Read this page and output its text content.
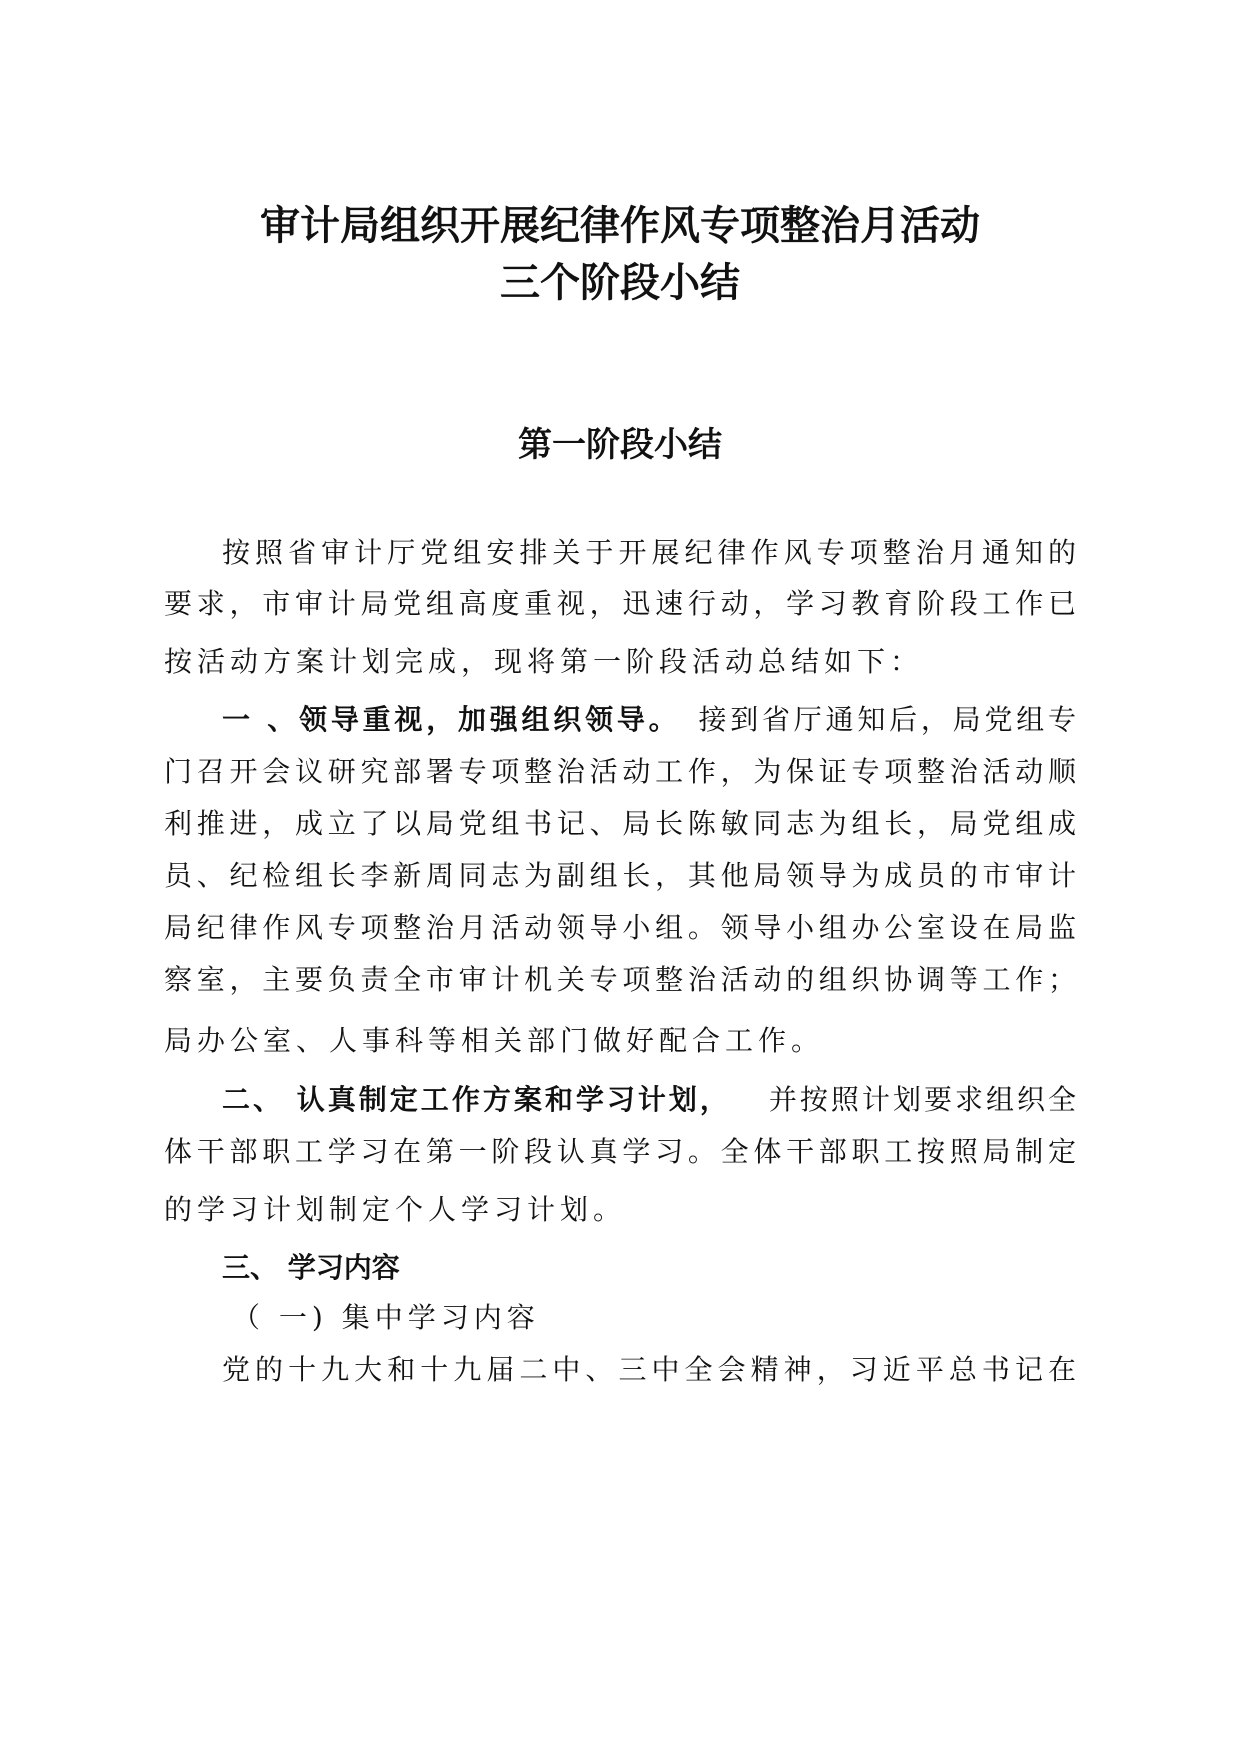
审计局组织开展纪律作风专项整治月活动
三个阶段小结
第一阶段小结
按照省审计厅党组安排关于开展纪律作风专项整治月通知的
要求，市审计局党组高度重视，迅速行动，学习教育阶段工作已
按活动方案计划完成，现将第一阶段活动总结如下：
一 、领导重视，加强组织领导。 接到省厅通知后，局党组专
门召开会议研究部署专项整治活动工作，为保证专项整治活动顺
利推进，成立了以局党组书记、局长陈敏同志为组长，局党组成
员、纪检组长李新周同志为副组长，其他局领导为成员的市审计
局纪律作风专项整治月活动领导小组。领导小组办公室设在局监
察室，主要负责全市审计机关专项整治活动的组织协调等工作；
局办公室、人事科等相关部门做好配合工作。
二、 认真制定工作方案和学习计划， 并按照计划要求组织全
体干部职工学习在第一阶段认真学习。全体干部职工按照局制定
的学习计划制定个人学习计划。
三、 学习内容
（ 一) 集中学习内容
党的十九大和十九届二中、三中全会精神，习近平总书记在
